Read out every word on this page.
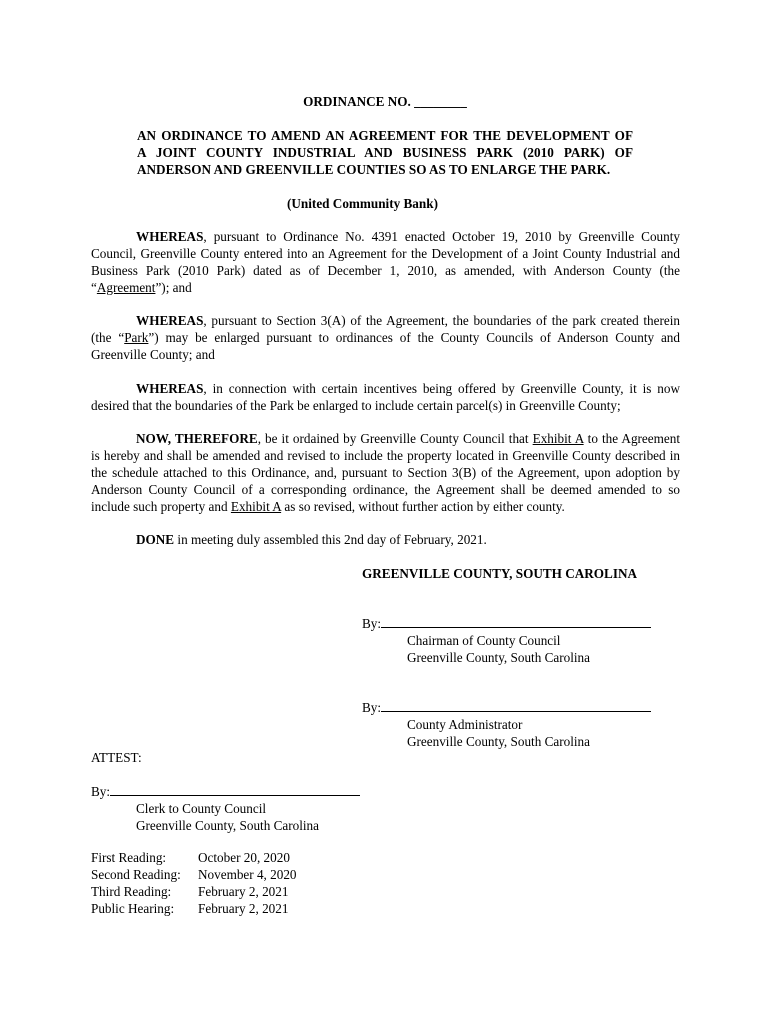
ORDINANCE NO. ________

AN ORDINANCE TO AMEND AN AGREEMENT FOR THE DEVELOPMENT OF
A JOINT COUNTY INDUSTRIAL AND BUSINESS PARK (2010 PARK) OF
ANDERSON AND GREENVILLE COUNTIES SO AS TO ENLARGE THE PARK.

(United Community Bank)

WHEREAS, pursuant to Ordinance No. 4391 enacted October 19, 2010 by Greenville County Council, Greenville County entered into an Agreement for the Development of a Joint County Industrial and Business Park (2010 Park) dated as of December 1, 2010, as amended, with Anderson County (the “Agreement”); and

WHEREAS, pursuant to Section 3(A) of the Agreement, the boundaries of the park created therein (the “Park”) may be enlarged pursuant to ordinances of the County Councils of Anderson County and Greenville County; and

WHEREAS, in connection with certain incentives being offered by Greenville County, it is now desired that the boundaries of the Park be enlarged to include certain parcel(s) in Greenville County;

NOW, THEREFORE, be it ordained by Greenville County Council that Exhibit A to the Agreement is hereby and shall be amended and revised to include the property located in Greenville County described in the schedule attached to this Ordinance, and, pursuant to Section 3(B) of the Agreement, upon adoption by Anderson County Council of a corresponding ordinance, the Agreement shall be deemed amended to so include such property and Exhibit A as so revised, without further action by either county.

DONE in meeting duly assembled this 2nd day of February, 2021.

GREENVILLE COUNTY, SOUTH CAROLINA

By:
Chairman of County Council
Greenville County, South Carolina
By:
County Administrator
Greenville County, South Carolina

ATTEST:

By:
Clerk to County Council
Greenville County, South Carolina
First Reading:	October 20, 2020
Second Reading:	November 4, 2020
Third Reading:	February 2, 2021
Public Hearing:	February 2, 2021
